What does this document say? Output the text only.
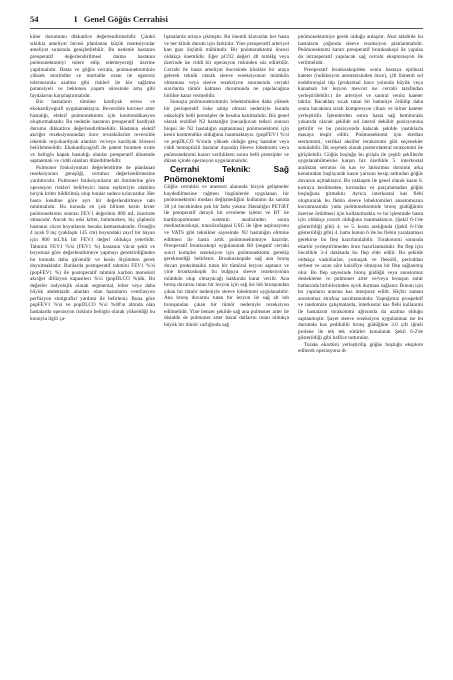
54	I Genel Göğüs Cerrahisi

küler durumunu dikkatlice değerlendirmelidir. Çünkü sıklıkla ameliyat öncesi planlanan küçük rezeksiyonlar ameliyat sırasında genişletilebilir. Bu nedenle hastanın preoperatif değerlendirilmesi daima hastanın pnömonektomiyi tolere edip edemeyeceği üzerine yapılmalıdır. Hasta ve göğüs cerrahı, pnömonektominin yüksek morbidite ve mortalite oranı ile egzersiz toleransında azalma gibi riskleri ile kür sağlama potansiyeli ve beklenen yaşam süresinde artış gibi faydalarını karşılaştırmalıdır.

Biz hastaların tümüne kardiyak stress ve ekokardiyografi uygulamaktayız. Reversible koroner arter hastalığı, elektif pnömonektomi için kontrendikasyon oluşturmaktadır. Bu nedenle hastanın preoperatif kardiyak durumu dikkatlice değerlendirilmelidir. Hastanın elektif akciğer rezeksiyonundan önce revaskülarize reversible iskemik miyokardiyak alanları ve/veya kardiyak klirensi belirlenmelidir. Ekokardiyografi ile patent foramen ovale ve belirgin kapak hastalığı olanlar preoperatif dönemde saptanmalı ve ciddi olanları düzeltilmelidir.

Pulmoner fonksiyonları değerlendirme de planlanan rezeksiyonun genişliği, cerrahın değerlendirmesine yardımcıdır. Pulmoner fonksiyonların alt limitlerine göre operasyon riskleri belirleyici hasta eşikleriyle olabilen birçok kriter bildirilmiş olup bunlar sadece kılavuzdur. Her hasta kendine göre ayrı bir değerlendirmeye tabi tutulmalıdır. Bu konuda en çok bilinen kesin kriter pnömonektomi sonrası FEV1 değerinin 800 mL üzerinde olmasıdır. Ancak bu eski kriter, bulunurken, hiç şüphesiz hastanın vücut boyutlarını hesaba katmamaktadır. Örneğin 4 ayak 9 inç (yaklaşık 145 cm) boyundaki zayıf bir bayan için 800 mL'lik bir FEV1 değeri oldukça yeterlidir. Tahmini FEV1 %'si (FEV1 %) hastanın vücut şekli ve boyutuna göre değerlendirmeye yapmayı gerektirdiğinden bu konuda daha güvenilir ve kesin ölçümlere gerek duyulmaktadır. Bunlarda postoperatif tahmini FEV1 %'si (popFEV1 %) ile postoperatif tahmini karbon monoksit akciğer difüzyon kapasitesi %'si (popDLCO %)dir. Bu değerler radyolojik olarak segmental, lober veya daha büyük atelektazik alanları olan hastaların ventilasyon perfüzyon sintigrafisi yardımı ile belirlenir. Buna göre popFEV1 %'si ve popDLCO %'si %40'ın altında olan hastalarda operasyon riskinin belirgin olarak yükseldiği bu konuyla ilgili ça-

lışmalarda ortaya çıkmıştır. Bu önemli klavuzlar her hasta ve her klinik durum için farklıdır. Yine preoperatif arteriyel kan gazı ölçümü mühimdir. Bir pnömonektomi öncesi oldukça önemlidir. Eğer pCO2 değeri 48 mmHg veya üzerinde ise ciddi bir operasyon riskinden söz edilebilir. Cerrahi ile hasta ameliyat öncesinde klinikte bir araya gelerek teknik olarak sleeve rezeksiyonun mümkün olmaması veya sleeve rezeksiyon sonrasında cerrahi sınırlarda tümör kalması durumunda ne yapılacağına birlikte karar vermelidir.

Sonuçta pnömonektominin lobektomiden daha yüksek bir perioperatif riske sahip olması nedeniyle burada onkolojik belli prensipler de hesaba katılmalıdır. Biz genel olarak rezidüel N2 hastalığın (neoadjuvan tedavi sonrası biopsi ile N2 hastalığın saptanması) pnömonektomi için kesin kontrendike olduğunu inanmaktayız. (popFEV1 %'si ve popDLCO %'sinin yüksek olduğu genç hastalar veya ciddi hemoptizili hastalar dışında) Sleeve lobektomi veya pnömonektomi kararı verildikten sonra belli prensipler ve düzen içinde operasyon uygulanmalıdır.

Cerrahi Teknik: Sağ Pnömonektomi

Göğüs cerrahisi ve anestezi alanında birçok gelişmeler kaydedilmesine rağmen bugünlerde uygulanan bir pnömonektomi modası değişmediğini kullanımı da sanıda 30 yıl öncekinden pek bir farkı yoktur. Hastalığın PET/BT ile preoperatif detaylı bir evreleme işlemi ve BT ile kardiyopulmoner sistemin analizinden sonra mediastinoskopi, transözofageal USG ile iğne aspirasyonu ve VATS gibi teknikler sayesinde N2 hastalığın elimine edilmesi ile hasta artık pnömonektomiye hazırdır. Preoperatif bronkoskopi uygulanarak R0 (negatif cerrahi sınır) komplet rezeksiyon için pnömonektomi gerekip gerekmediği belirlenir. Bronkoskopide sağ ana bronş duvarı proksimalini tutan bir tümöral lezyon saptanır ve yine bronkoskopik bu bulguya sleeve rezeksiyonun mümkün olup olmayacağı hakkında karar verilir. Ana bronş duvarını tutan bir lezyon için sağ üst lob bronşundan çıkan bir tümör nedeniyle sleeve lobektomi uygulanabilir. Ana bronş duvarını tutan bir lezyon ile sağ alt lob bronşundan çıkan bir tümör nedeniyle rezeksiyon edilmelidir. Yine benzer şekilde sağ ana pulmoner arter ile distalde de pulmoner arter bazal dallarını tutan oldukça büyük bir tümör varlığında sağ

pnömonektomiye gerek olduğu anlaşılır. Aksi takdirde bu hastaların çoğunda sleeve rezeksiyon planlanmalıdır. Pnömonektomi kararı preoperatif bronkoskopi ile yapılsa da intraoperatif yapılacak sağ cerrahi eksplorasyon ile verilmelidir.

Preoperatif bronkoskopiden sonra hastaya epidural kateter (indüksiyon anestezisinden önce), çift lümenli sol endobronşial tüp (proksimal hava yolunda büyük veya kanamalı bir lezyon mevcut ise cerrahi tarafından yerleştirilebilir.) ile arteriyel ve santral venöz kateter takılır. Bacakları sıcak tutan bir battaniye örtülüp daha sonra bacaklara sıralı kompresyon cihazı ve üriner kateter yerleştirilir. İşlemlerden sonra hasta sağ hemitoraks yukarıda olacak şekilde sol lateral dekübit pozisyonuna getirilir ve bu pozisyonda kalacak şekilde yastıklarla masaya tespit edilir. Pnömonektomi için median sternotomi, vertikal aksiller torakotomi gibi seçenekler sunulabilir. İlk seçenek olarak posterolateral torakotomi ile girişilebilir. Göğüs boşluğu bu girişin ile çeşitli şekillerde uygulanabilmesine karşın biz özellikle 5. interkostal aralıktan serratus ön kas ve latissimus dorsinin arka kenarından başlayarak kasın yarısını kesip ardından göğüs duvarını açmaktayız. Bu yaklaşım ile genel olarak kasın 6. kostaya kesilmeden, kırmadan ve parçalamadan göğüs boşluğuna girmektir. Ayrıca interkostal kas flebi oluşturarak bu flebin sleeve lobektomileri anastomozun korunmasında yada pnömonektomide bronş güdüğünün üzerine örtülmesi için kullanılmakta ve bu işleminde hasta için oldukça yararlı olduğuna inanmaktayız. (Şekil 6-1'de gösterildiği gibi) 4. ve 5. kosta aralığında (Şekil 6-1'de gösterildiği gibi) 4. hatta bunun 6.'de bu flebin yaralanması gerekirse bu flep hazırlanılabilir. Torakotomi sonunda ekartör yerleştirilmeden önce hazırlanmalıdır. Bu flep için öncelikle 3-4 dakikada bu flep elde edilir. Bu şekilde oldukça vaskülarize, yumuşak ve fleksibl, perioddan serbest ve uzun süre kalsifiye olmayan bir flep sağlanmış olur. Bu flep sayesinde bronş güdüğü veya anostomoz destekleme ve pulmoner arter ve/veya bronşun sutür hatlarında birbirlerinden ayrık durması sağlanır. Bunun için bu yapıların arasına kas interpoze edilir. Hiçbir zaman anostomoz etrafına sarılmamalıdır. Yaptığımız prospektif ve randomize çalışmalarda, interkostal kas flebi kullanımı ile hastaların torakotomi ağrısında da azalma olduğu saptanmıştır. Şayet sleeve rezeksiyon uygulanmaz ise bu durumda kas pediküllü bronş güdüğüne 3.0 çift iğneli prolene ile tek tek sütürler konularak Şekil 6-2'de gösterildiği gibi haflice tutturulur.

Toraks ekartörü yerleştirilip göğüs boşluğu eksplore edilerek operasyona di-
